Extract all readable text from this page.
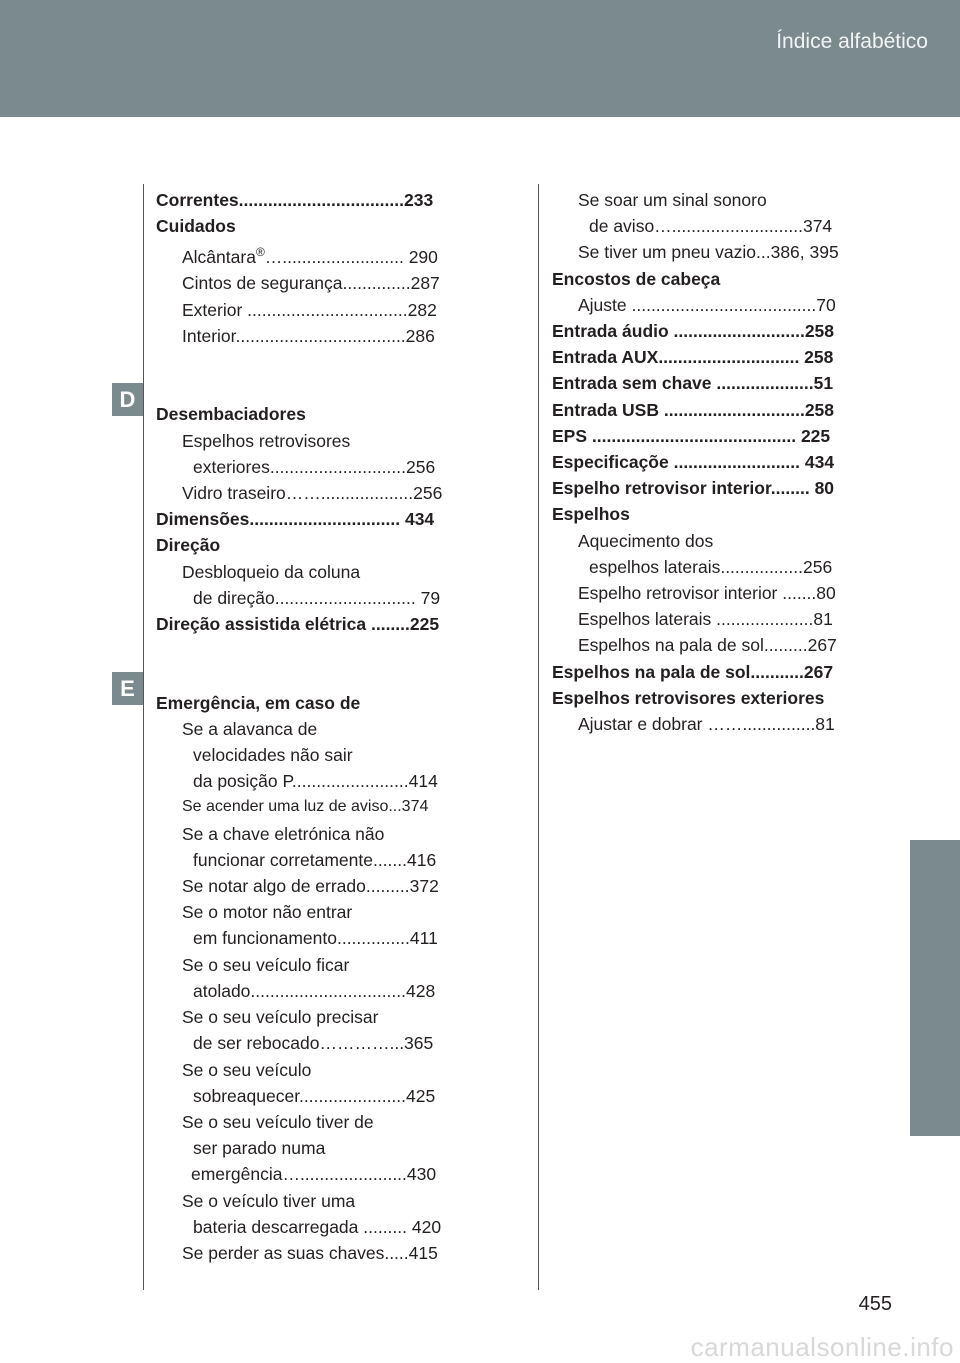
Índice alfabético
D
E
Correntes..................................233
Cuidados
Alcântara®…......................... 290
Cintos de segurança..............287
Exterior .................................282
Interior...................................286
Desembaciadores
Espelhos retrovisores
exteriores............................256
Vidro traseiro……...................256
Dimensões............................... 434
Direção
Desbloqueio da coluna
de direção............................. 79
Direção assistida elétrica ........225
Emergência, em caso de
Se a alavanca de
velocidades não sair
da posição P........................414
Se acender uma luz de aviso...374
Se a chave eletrónica não
funcionar corretamente.......416
Se notar algo de errado.........372
Se o motor não entrar
em funcionamento...............411
Se o seu veículo ficar
atolado................................428
Se o seu veículo precisar
de ser rebocado…………...365
Se o seu veículo
sobreaquecer......................425
Se o seu veículo tiver de
ser parado numa
emergência…......................430
Se o veículo tiver uma
bateria descarregada ......... 420
Se perder as suas chaves.....415
Se soar um sinal sonoro
de aviso…...........................374
Se tiver um pneu vazio...386, 395
Encostos de cabeça
Ajuste ......................................70
Entrada áudio ...........................258
Entrada AUX............................. 258
Entrada sem chave ....................51
Entrada USB .............................258
EPS .......................................... 225
Especificaçõe .......................... 434
Espelho retrovisor interior........ 80
Espelhos
Aquecimento dos
espelhos laterais.................256
Espelho retrovisor interior .......80
Espelhos laterais ....................81
Espelhos na pala de sol.........267
Espelhos na pala de sol...........267
Espelhos retrovisores exteriores
Ajustar e dobrar ……...............81
455
carmanualsonline.info
